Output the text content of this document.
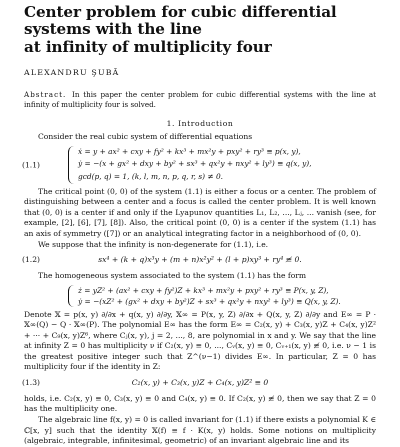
Center problem for cubic differential systems with the line
at infinity of multiplicity four
ALEXANDRU ŞUBĂ
Abstract. In this paper the center problem for cubic differential systems with the line at infinity of multiplicity four is solved.
1. Introduction
Consider the real cubic system of differential equations
(1.1)
ẋ = y + ax² + cxy + fy² + kx³ + mx²y + pxy² + ry³ ≡ p(x, y),
ẏ = −(x + gx² + dxy + by² + sx³ + qx²y + nxy² + ly³) ≡ q(x, y),
gcd(p, q) = 1, (k, l, m, n, p, q, r, s) ≠ 0.
The critical point (0, 0) of the system (1.1) is either a focus or a center. The problem of distinguishing between a center and a focus is called the center problem. It is well known that (0, 0) is a center if and only if the Lyapunov quantities L₁, L₂, ..., Lⱼ, ... vanish (see, for example, [2], [6], [7], [8]). Also, the critical point (0, 0) is a center if the system (1.1) has an axis of symmetry ([7]) or an analytical integrating factor in a neighborhood of (0, 0).
We suppose that the infinity is non-degenerate for (1.1), i.e.
(1.2)	sx⁴ + (k + q)x³y + (m + n)x²y² + (l + p)xy³ + ry⁴ ≢ 0.
The homogeneous system associated to the system (1.1) has the form
ż = yZ² + (ax² + cxy + fy²)Z + kx³ + mx²y + pxy² + ry³ ≡ P(x, y, Z),
ẏ = −(xZ² + (gx² + dxy + by²)Z + sx³ + qx²y + nxy² + ly³) ≡ Q(x, y, Z).
Denote 𝕏 = p(x, y) ∂/∂x + q(x, y) ∂/∂y, 𝕏∞ = P(x, y, Z) ∂/∂x + Q(x, y, Z) ∂/∂y and E∞ = P · 𝕏∞(Q) − Q · 𝕏∞(P). The polynomial E∞ has the form E∞ = C₂(x, y) + C₃(x, y)Z + C₄(x, y)Z² + ··· + C₉(x, y)Z⁶, where Cⱼ(x, y), j = 2, ..., 8, are polynomial in x and y. We say that the line at infinity Z = 0 has multiplicity ν if C₂(x, y) ≡ 0, ..., Cᵥ(x, y) ≡ 0, Cᵥ₊₁(x, y) ≢ 0, i.e. ν − 1 is the greatest positive integer such that Z^(ν−1) divides E∞. In particular, Z = 0 has multiplicity four if the identity in Z:
(1.3)	C₂(x, y) + C₃(x, y)Z + C₄(x, y)Z² ≡ 0
holds, i.e. C₂(x, y) ≡ 0, C₃(x, y) ≡ 0 and C₄(x, y) ≡ 0. If C₂(x, y) ≢ 0, then we say that Z = 0 has the multiplicity one.
The algebraic line f(x, y) = 0 is called invariant for (1.1) if there exists a polynomial K ∈ ℂ[x, y] such that the identity 𝕏(f) ≡ f · K(x, y) holds. Some notions on multiplicity (algebraic, integrable, infinitesimal, geometric) of an invariant algebraic line and its
